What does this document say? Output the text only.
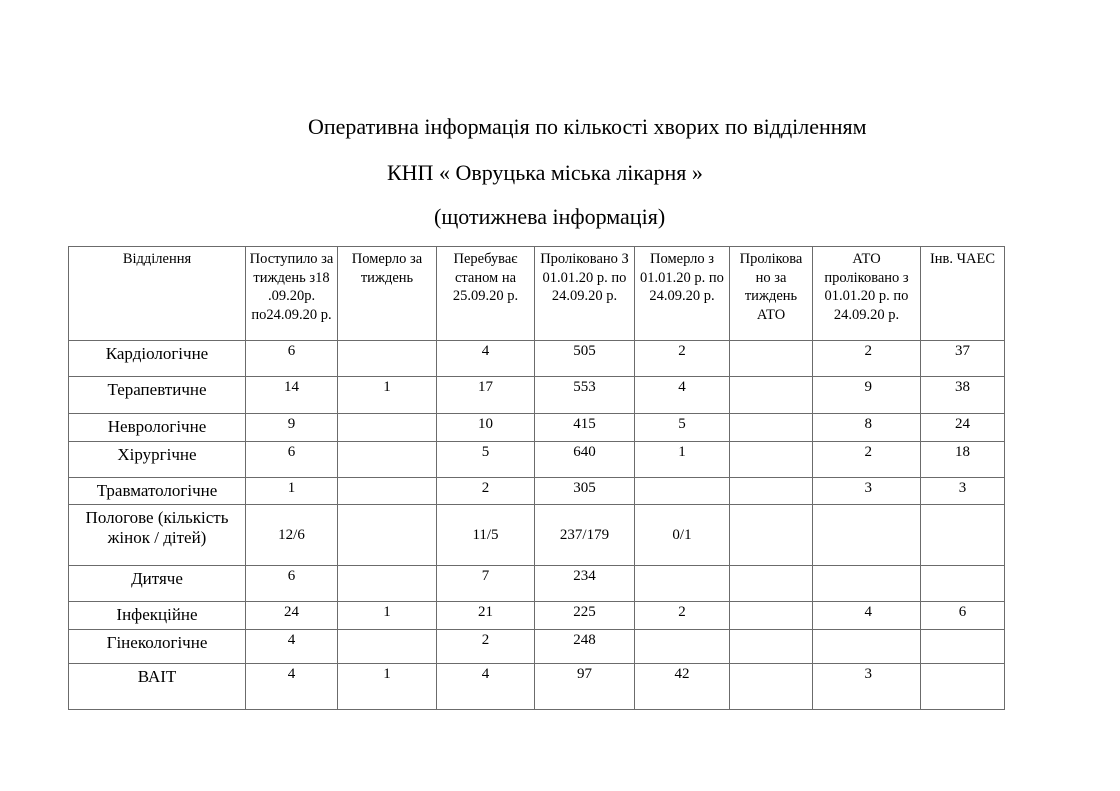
Оперативна інформація по кількості хворих по відділенням
КНП « Овруцька міська лікарня »
(щотижнева інформація)
Відділення	Поступило за тиждень з18 .09.20р. по24.09.20 р.	Померло за тиждень	Перебуває станом на 25.09.20 р.	Проліковано З 01.01.20 р. по 24.09.20 р.	Померло з 01.01.20 р. по 24.09.20 р.	Пролікова но за тиждень АТО	АТО проліковано з 01.01.20 р. по 24.09.20 р.	Інв. ЧАЕС
Кардіологічне	6		4	505	2		2	37
Терапевтичне	14	1	17	553	4		9	38
Неврологічне	9		10	415	5		8	24
Хірургічне	6		5	640	1		2	18
Травматологічне	1		2	305			3	3
Пологове (кількість жінок / дітей)	12/6		11/5	237/179	0/1			
Дитяче	6		7	234				
Інфекційне	24	1	21	225	2		4	6
Гінекологічне	4		2	248				
ВАІТ	4	1	4	97	42		3	
